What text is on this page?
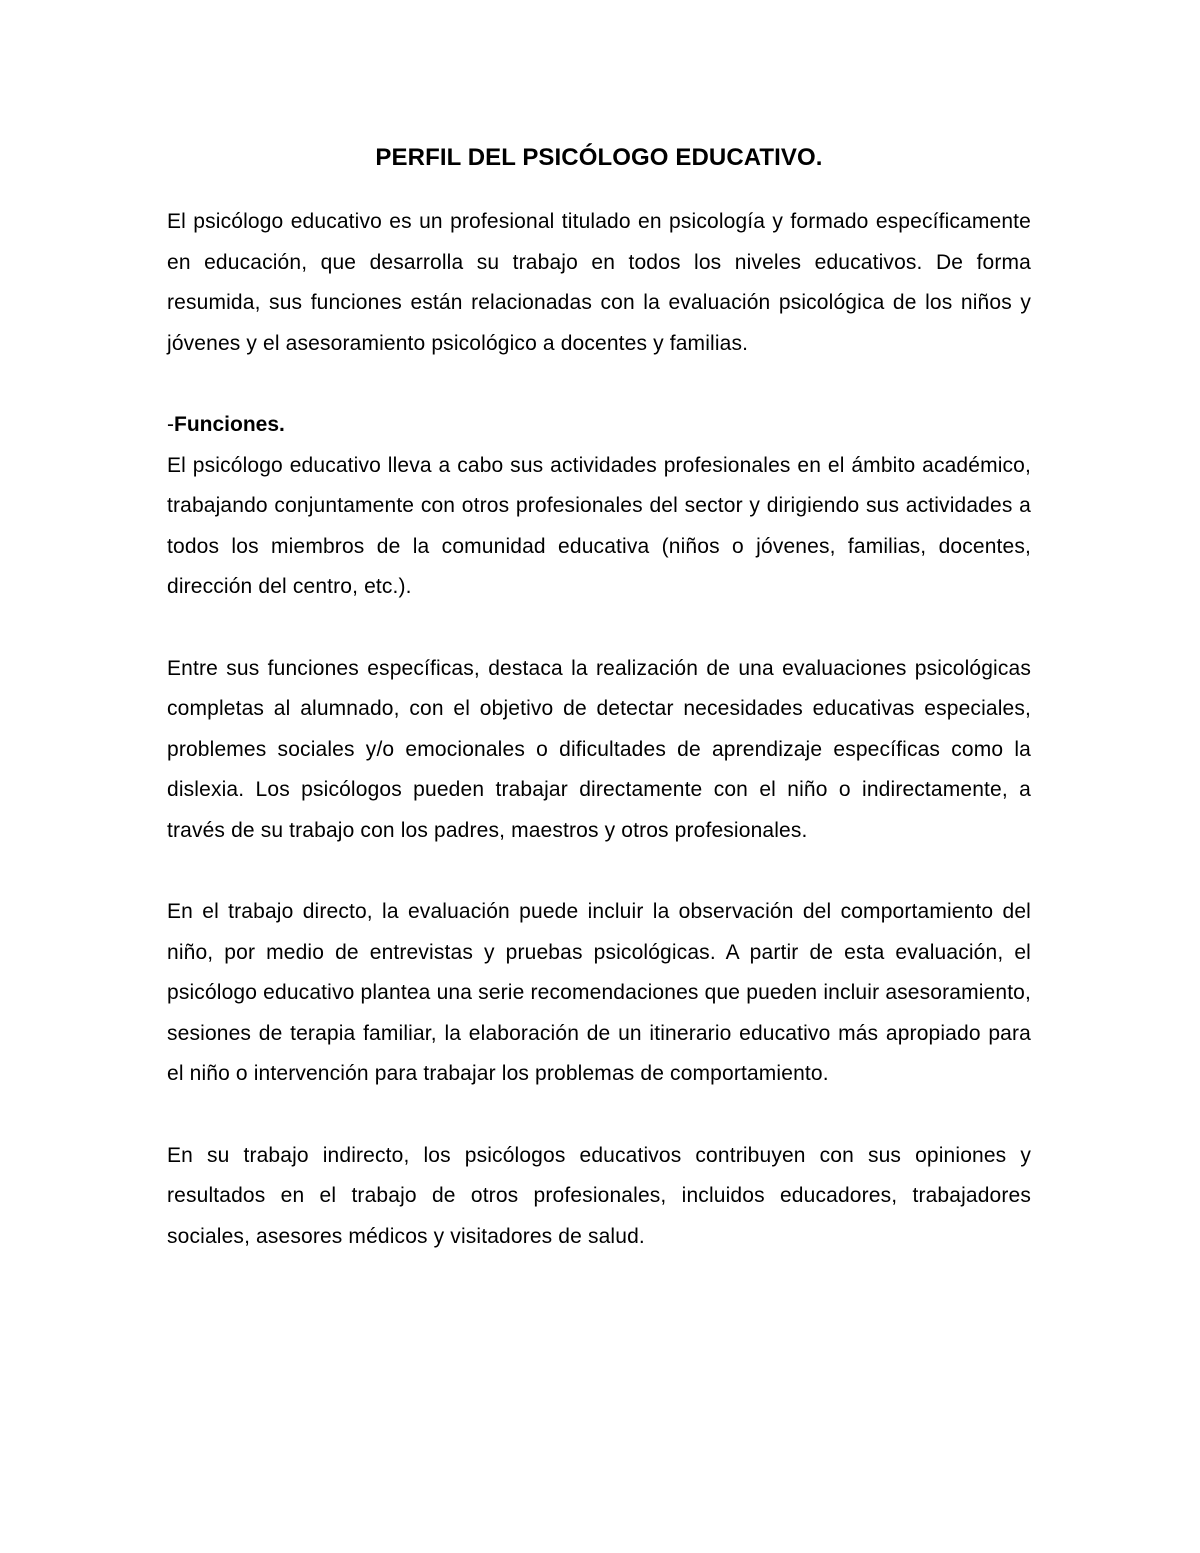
PERFIL DEL PSICÓLOGO EDUCATIVO.

El psicólogo educativo es un profesional titulado en psicología y formado específicamente en educación, que desarrolla su trabajo en todos los niveles educativos. De forma resumida, sus funciones están relacionadas con la evaluación psicológica de los niños y jóvenes y el asesoramiento psicológico a docentes y familias.

-Funciones.

El psicólogo educativo lleva a cabo sus actividades profesionales en el ámbito académico, trabajando conjuntamente con otros profesionales del sector y dirigiendo sus actividades a todos los miembros de la comunidad educativa (niños o jóvenes, familias, docentes, dirección del centro, etc.).

Entre sus funciones específicas, destaca la realización de una evaluaciones psicológicas completas al alumnado, con el objetivo de detectar necesidades educativas especiales, problemes sociales y/o emocionales o dificultades de aprendizaje específicas como la dislexia. Los psicólogos pueden trabajar directamente con el niño o indirectamente, a través de su trabajo con los padres, maestros y otros profesionales.

En el trabajo directo, la evaluación puede incluir la observación del comportamiento del niño, por medio de entrevistas y pruebas psicológicas. A partir de esta evaluación, el psicólogo educativo plantea una serie recomendaciones que pueden incluir asesoramiento, sesiones de terapia familiar, la elaboración de un itinerario educativo más apropiado para el niño o intervención para trabajar los problemas de comportamiento.

En su trabajo indirecto, los psicólogos educativos contribuyen con sus opiniones y resultados en el trabajo de otros profesionales, incluidos educadores, trabajadores sociales, asesores médicos y visitadores de salud.
